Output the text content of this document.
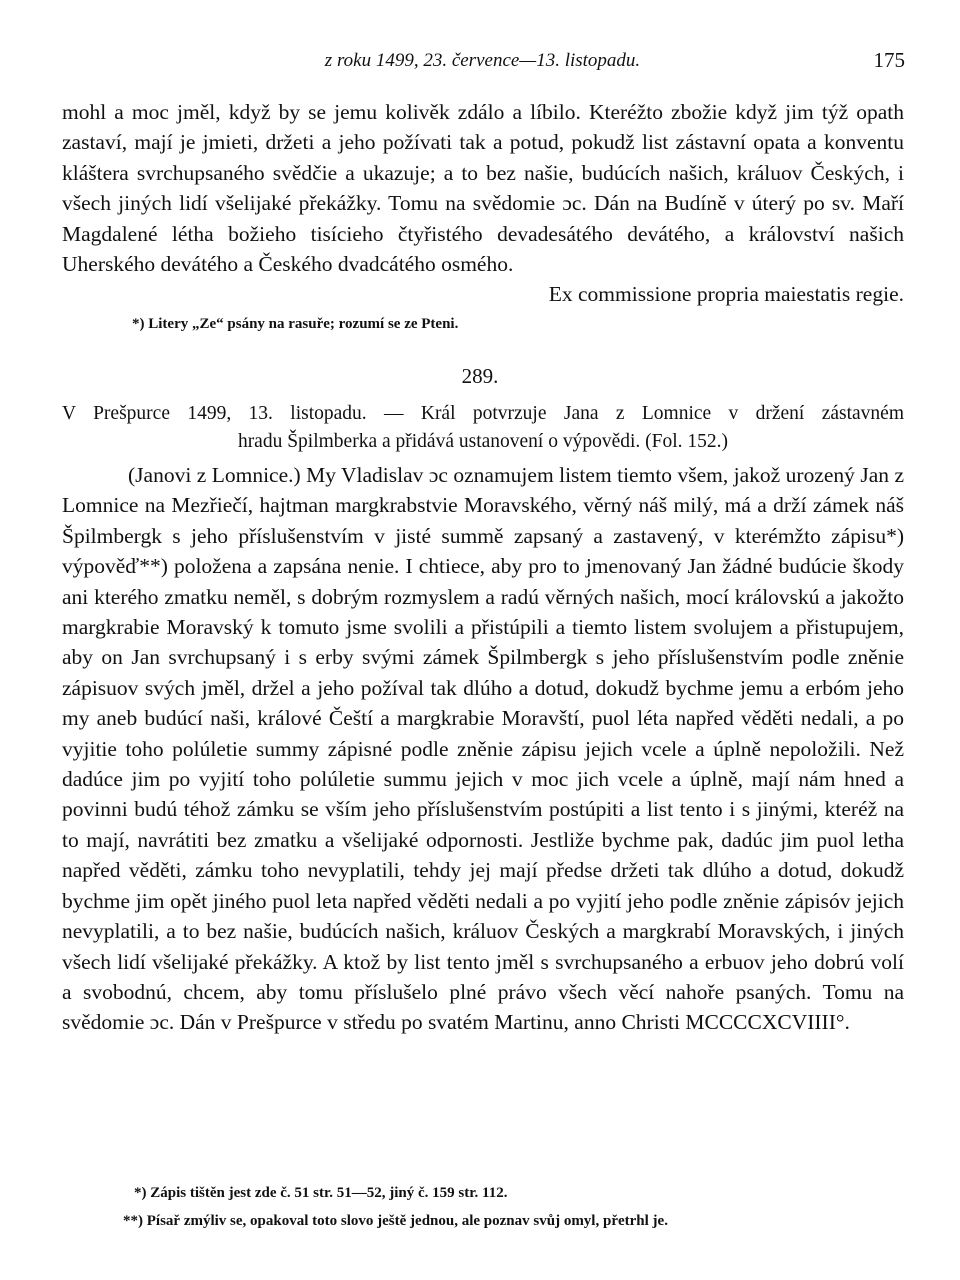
z roku 1499, 23. července—13. listopadu.	175
mohl a moc jměl, když by se jemu kolivěk zdálo a líbilo. Kteréžto zbožie když jim týž opath zastaví, mají je jmieti, držeti a jeho požívati tak a potud, pokudž list zástavní opata a konventu kláštera svrchupsaného svědčie a ukazuje; a to bez našie, budúcích našich, králuov Českých, i všech jiných lidí všelijaké překážky. Tomu na svědomie ɔc. Dán na Budíně v úterý po sv. Maří Magdalené létha božieho tisícieho čtyřistého devadesátého devátého, a království našich Uherského devátého a Českého dvadcátého osmého.
Ex commissione propria maiestatis regie.
*) Litery „Ze“ psány na rasuře; rozumí se ze Pteni.
289.
V Prešpurce 1499, 13. listopadu. — Král potvrzuje Jana z Lomnice v držení zástavném
hradu Špilmberka a přidává ustanovení o výpovědi. (Fol. 152.)
(Janovi z Lomnice.) My Vladislav ɔc oznamujem listem tiemto všem, jakož urozený Jan z Lomnice na Mezřiečí, hajtman margkrabstvie Moravského, věrný náš milý, má a drží zámek náš Špilmbergk s jeho příslušenstvím v jisté summě zapsaný a zastavený, v kterémžto zápisu*) výpověď**) položena a zapsána nenie. I chtiece, aby pro to jmenovaný Jan žádné budúcie škody ani kterého zmatku neměl, s dobrým rozmyslem a radú věrných našich, mocí královskú a jakožto margkrabie Moravský k tomuto jsme svolili a přistúpili a tiemto listem svolujem a přistupujem, aby on Jan svrchupsaný i s erby svými zámek Špilmbergk s jeho příslušenstvím podle zněnie zápisuov svých jměl, držel a jeho požíval tak dlúho a dotud, dokudž bychme jemu a erbóm jeho my aneb budúcí naši, králové Čeští a margkrabie Moravští, puol léta napřed věděti nedali, a po vyjitie toho polúletie summy zápisné podle zněnie zápisu jejich vcele a úplně nepoložili. Než dadúce jim po vyjití toho polúletie summu jejich v moc jich vcele a úplně, mají nám hned a povinni budú téhož zámku se vším jeho příslušenstvím postúpiti a list tento i s jinými, kteréž na to mají, navrátiti bez zmatku a všelijaké odpornosti. Jestliže bychme pak, dadúc jim puol letha napřed věděti, zámku toho nevyplatili, tehdy jej mají předse držeti tak dlúho a dotud, dokudž bychme jim opět jiného puol leta napřed věděti nedali a po vyjití jeho podle zněnie zápisóv jejich nevyplatili, a to bez našie, budúcích našich, králuov Českých a margkrabí Moravských, i jiných všech lidí všelijaké překážky. A ktož by list tento jměl s svrchupsaného a erbuov jeho dobrú volí a svobodnú, chcem, aby tomu příslušelo plné právo všech věcí nahoře psaných. Tomu na svědomie ɔc. Dán v Prešpurce v středu po svatém Martinu, anno Christi MCCCCXCVIIII°.
*) Zápis tištěn jest zde č. 51 str. 51—52, jiný č. 159 str. 112.
**) Písař zmýliv se, opakoval toto slovo ještě jednou, ale poznav svůj omyl, přetrhl je.
